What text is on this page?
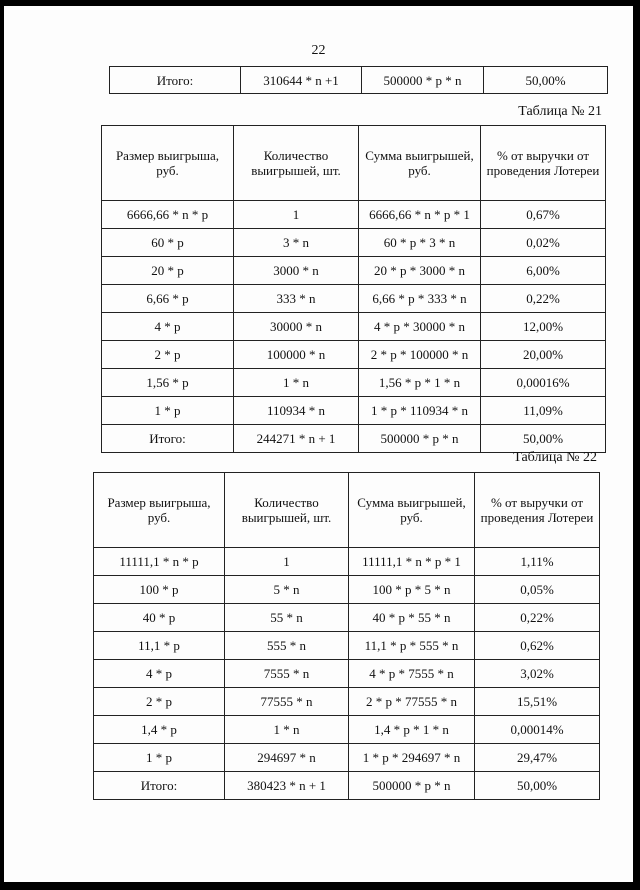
22
Итого:	310644 * n +1	500000 * p * n	50,00%
Таблица № 21
Размер выигрыша, руб.	Количество выигрышей, шт.	Сумма выигрышей, руб.	% от выручки от проведения Лотереи
6666,66 * n * p	1	6666,66 * n * p * 1	0,67%
60 * p	3 * n	60 * p * 3 * n	0,02%
20 * p	3000 * n	20 * p * 3000 * n	6,00%
6,66 * p	333 * n	6,66 * p * 333 * n	0,22%
4 * p	30000 * n	4 * p * 30000 * n	12,00%
2 * p	100000 * n	2 * p * 100000 * n	20,00%
1,56 * p	1 * n	1,56 * p * 1 * n	0,00016%
1 * p	110934 * n	1 * p * 110934 * n	11,09%
Итого:	244271 * n + 1	500000 * p * n	50,00%
Таблица № 22
Размер выигрыша, руб.	Количество выигрышей, шт.	Сумма выигрышей, руб.	% от выручки от проведения Лотереи
11111,1 * n * p	1	11111,1 * n * p * 1	1,11%
100 * p	5 * n	100 * p * 5 * n	0,05%
40 * p	55 * n	40 * p * 55 * n	0,22%
11,1 * p	555 * n	11,1 * p * 555 * n	0,62%
4 * p	7555 * n	4 * p * 7555 * n	3,02%
2 * p	77555 * n	2 * p * 77555 * n	15,51%
1,4 * p	1 * n	1,4 * p * 1 * n	0,00014%
1 * p	294697 * n	1 * p * 294697 * n	29,47%
Итого:	380423 * n + 1	500000 * p * n	50,00%
